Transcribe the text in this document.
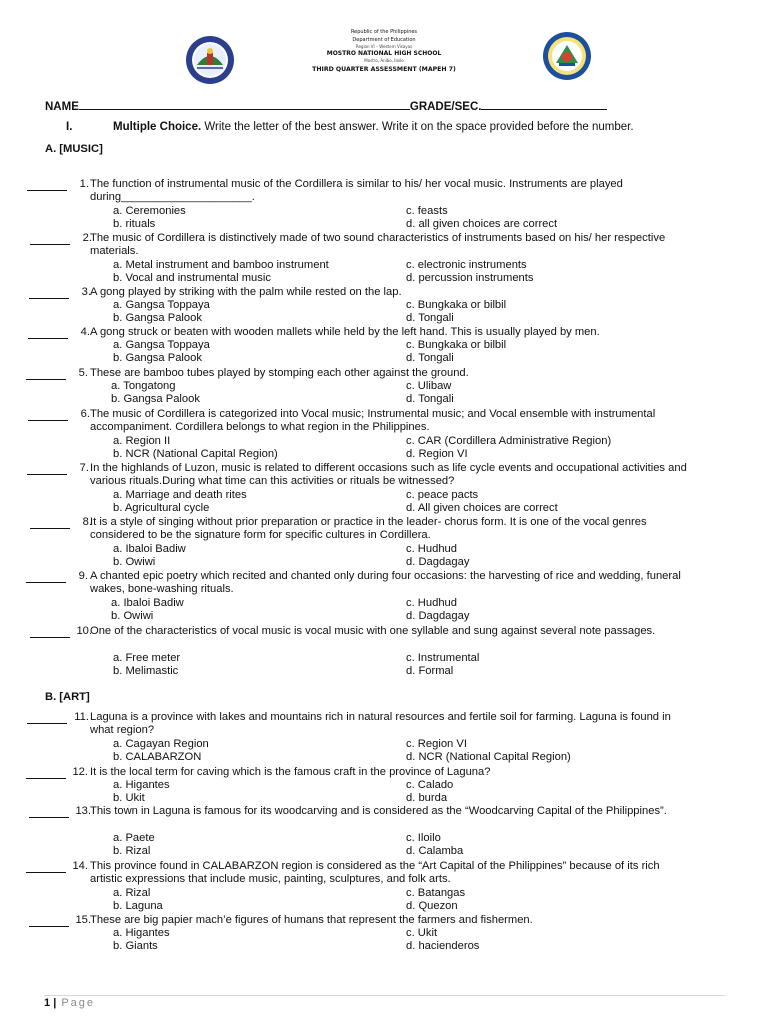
Republic of the Philippines
Department of Education
Region VI – Western Visayas
MOSTRO NATIONAL HIGH SCHOOL
Mostro, Anibo, Iloilo
THIRD QUARTER ASSESSMENT (MAPEH 7)
NAME	GRADE/SEC.
I.	Multiple Choice. Write the letter of the best answer. Write it on the space provided before the number.
A. [MUSIC]
B. [ART]
1. The function of instrumental music of the Cordillera is similar to his/ her vocal music. Instruments are played during_____________________.
a. Ceremonies
b. rituals
c. feasts
d. all given choices are correct
2.
The music of Cordillera is distinctively made of two sound characteristics of instruments based on his/ her respective materials.
a. Metal instrument and bamboo instrument
b. Vocal and instrumental music
c. electronic instruments
d. percussion instruments
3. A gong played by striking with the palm while rested on the lap.
a. Gangsa Toppaya
b. Gangsa Palook
c. Bungkaka or bilbil
d. Tongali
4. A gong struck or beaten with wooden mallets while held by the left hand. This is usually played by men.
a. Gangsa Toppaya
b. Gangsa Palook
c. Bungkaka or bilbil
d. Tongali
5. These are bamboo tubes played by stomping each other against the ground.
a. Tongatong
b. Gangsa Palook
c. Ulibaw
d. Tongali
6. The music of Cordillera is categorized into Vocal music; Instrumental music; and Vocal ensemble with instrumental accompaniment. Cordillera belongs to what region in the Philippines.
a. Region II
b. NCR (National Capital Region)
c. CAR (Cordillera Administrative Region)
d. Region VI
7. In the highlands of Luzon, music is related to different occasions such as life cycle events and occupational activities and various rituals.During what time can this activities or rituals be witnessed?
a. Marriage and death rites
b. Agricultural cycle
c. peace pacts
d. All given choices are correct
8.
It is a style of singing without prior preparation or practice in the leader- chorus form. It is one of the vocal genres considered to be the signature form for specific cultures in Cordillera.
a. Ibaloi Badiw
b. Owiwi
c. Hudhud
d. Dagdagay
9. A chanted epic poetry which recited and chanted only during four occasions: the harvesting of rice and wedding, funeral wakes, bone-washing rituals.
a. Ibaloi Badiw
b. Owiwi
c. Hudhud
d. Dagdagay
10.
One of the characteristics of vocal music is vocal music with one syllable and sung against several note passages.
a. Free meter
b. Melimastic
c. Instrumental
d. Formal
11. Laguna is a province with lakes and mountains rich in natural resources and fertile soil for farming. Laguna is found in what region?
a. Cagayan Region
b. CALABARZON
c. Region VI
d. NCR (National Capital Region)
12. It is the local term for caving which is the famous craft in the province of Laguna?
a. Higantes
b. Ukit
c. Calado
d. burda
13. This town in Laguna is famous for its woodcarving and is considered as the “Woodcarving Capital of the Philippines”.
a. Paete
b. Rizal
c. Iloilo
d. Calamba
14. This province found in CALABARZON region is considered as the “Art Capital of the Philippines” because of its rich artistic expressions that include music, painting, sculptures, and folk arts.
a. Rizal
b. Laguna
c. Batangas
d. Quezon
15. These are big papier mach’e figures of humans that represent the farmers and fishermen.
a. Higantes
b. Giants
c. Ukit
d. hacienderos
1 | Page
